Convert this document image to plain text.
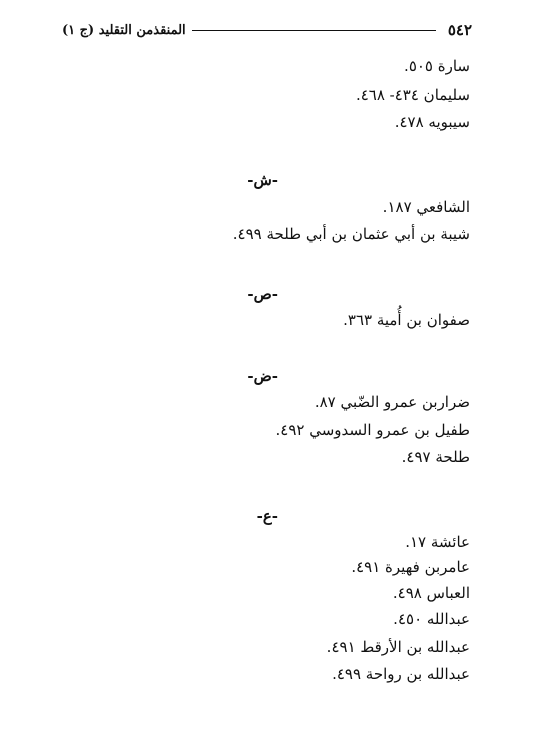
٥٤٢
المنقذمن التقليد (ج ١)
سارة ٥٠٥.
سليمان ٤٣٤- ٤٦٨.
سيبويه ٤٧٨.
-ش-
الشافعي ١٨٧.
شيبة بن أبي عثمان بن أبي طلحة ٤٩٩.
-ص-
صفوان بن أُمية ٣٦٣.
-ض-
ضراربن عمرو الضّبي ٨٧.
طفيل بن عمرو السدوسي ٤٩٢.
طلحة ٤٩٧.
-ع-
عائشة ١٧.
عامربن فهيرة ٤٩١.
العباس ٤٩٨.
عبدالله ٤٥٠.
عبدالله بن الأرقط ٤٩١.
عبدالله بن رواحة ٤٩٩.
